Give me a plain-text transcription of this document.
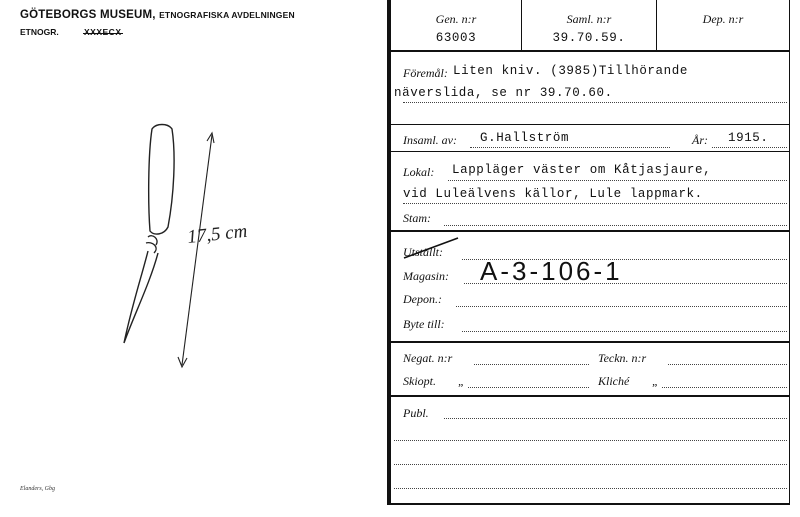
GÖTEBORGS MUSEUM, ETNOGRAFISKA AVDELNINGEN
ETNOGR.	XXXECX
17,5 cm
Elanders, Gbg
Gen. n:r
63003
Saml. n:r
39.70.59.
Dep. n:r
Föremål: Liten kniv. (3985)Tillhörande
näverslida, se nr 39.70.60.
Insaml. av: G.Hallström	År: 1915.
Lokal: Lappläger väster om Kåtjasjaure,
vid Luleälvens källor, Lule lappmark.
Stam:
Utställt:
Magasin: A-3-106-1
Depon.:
Byte till:
Negat. n:r	Teckn. n:r
Skiopt. „	Kliché „
Publ.
